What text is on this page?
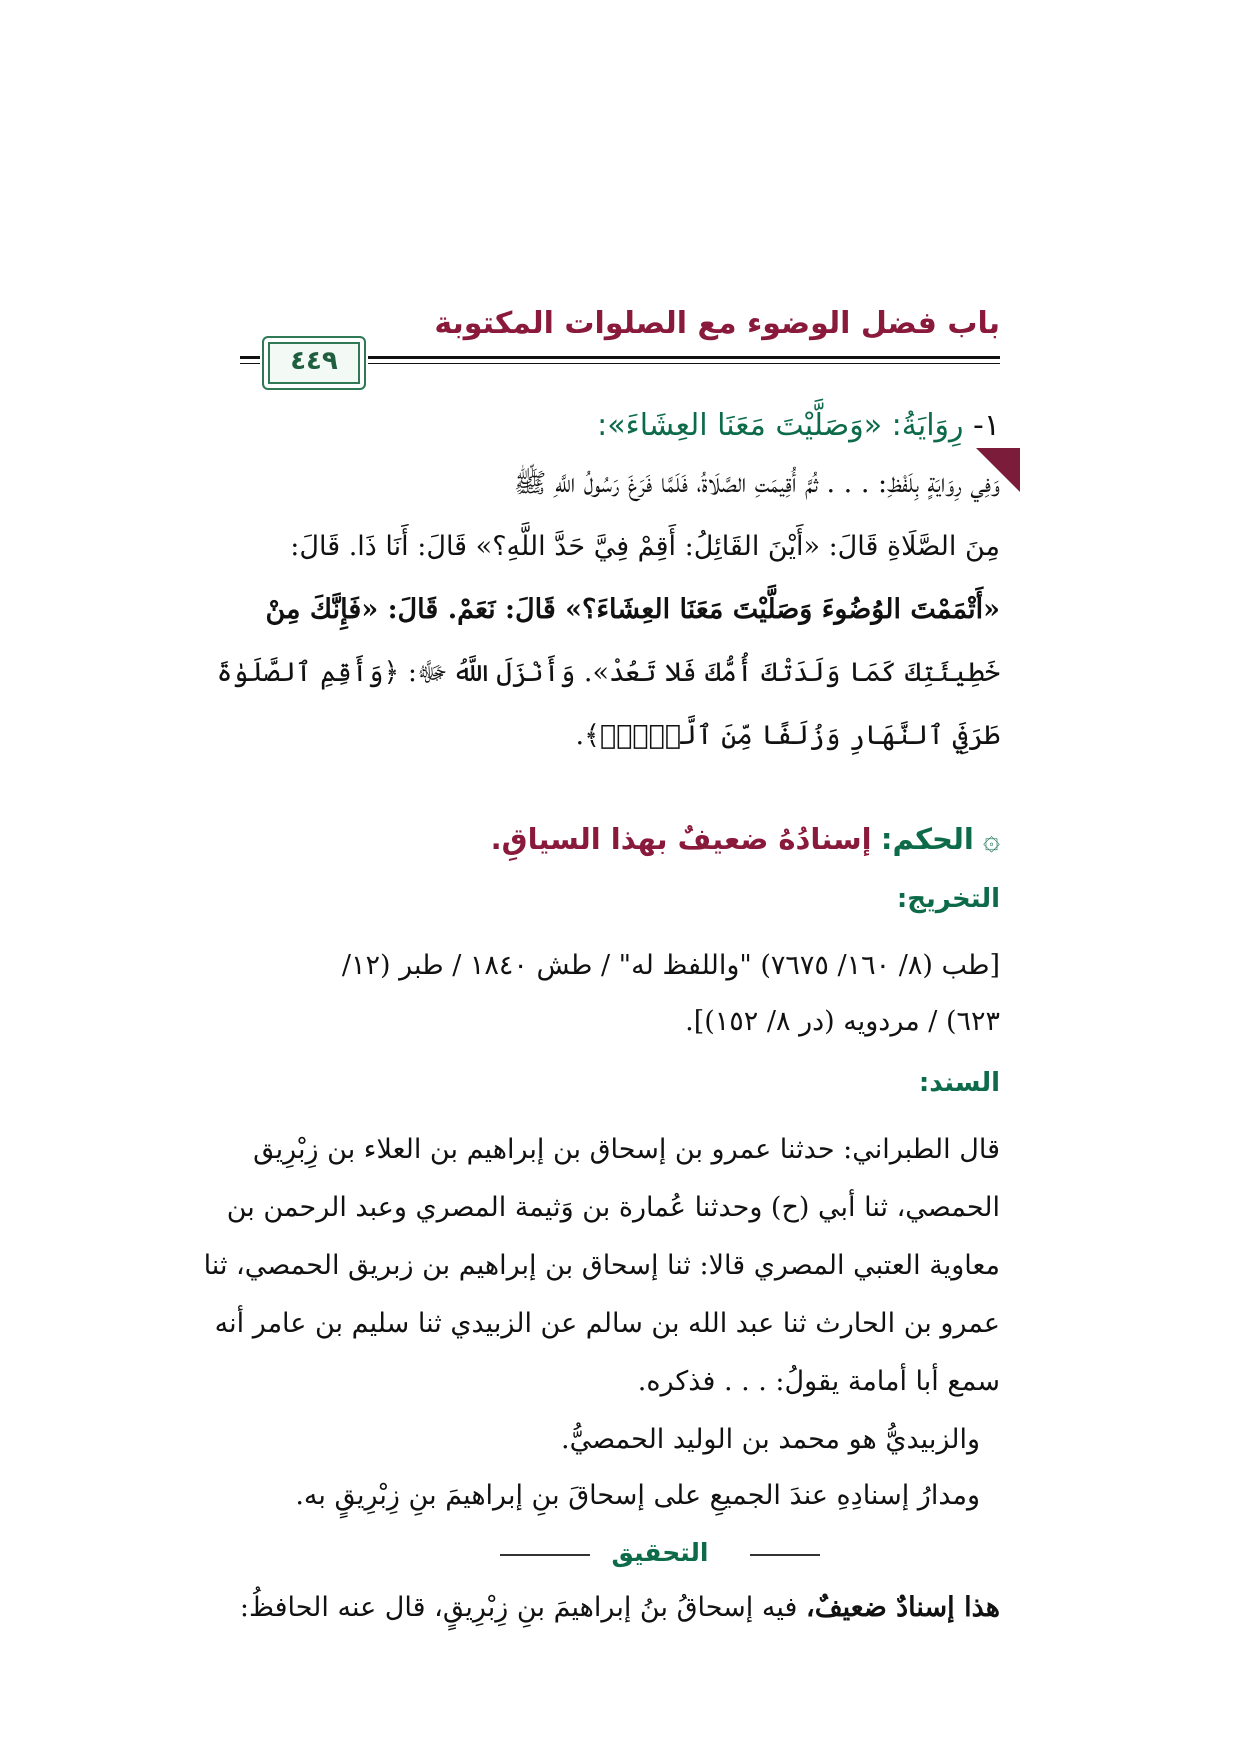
باب فضل الوضوء مع الصلوات المكتوبة
٤٤٩
١- رِوَايَةُ: «وَصَلَّيْتَ مَعَنَا العِشَاءَ»:
وَفِي رِوَايَةٍ بِلَفْظِ: . . . ثُمَّ أُقِيمَتِ الصَّلَاةُ، فَلَمَّا فَرَغَ رَسُولُ اللَّهِ ﷺ
مِنَ الصَّلَاةِ قَالَ: «أَيْنَ القَائِلُ: أَقِمْ فِيَّ حَدَّ اللَّهِ؟» قَالَ: أَنَا ذَا. قَالَ:
«أَتْمَمْتَ الوُضُوءَ وَصَلَّيْتَ مَعَنَا العِشَاءَ؟» قَالَ: نَعَمْ. قَالَ: «فَإِنَّكَ مِنْ
خَطِيئَتِكَ كَمَا وَلَدَتْكَ أُمُّكَ فَلا تَعُدْ». وَأَنْزَلَ اللَّهُ ﷻ: ﴿وَأَقِمِ ٱلصَّلَوٰةَ
طَرَفَيِ ٱلنَّهَارِ وَزُلَفًا مِّنَ ٱلَّيۡلِۚ﴾.
۞ الحكم: إسنادُهُ ضعيفٌ بهذا السياقِ.
التخريج:
[طب (٨/ ١٦٠/ ٧٦٧٥) "واللفظ له" / طش ١٨٤٠ / طبر (١٢/
٦٢٣) / مردويه (در ٨/ ١٥٢)].
السند:
قال الطبراني: حدثنا عمرو بن إسحاق بن إبراهيم بن العلاء بن زِبْرِيق
الحمصي، ثنا أبي (ح) وحدثنا عُمارة بن وَثيمة المصري وعبد الرحمن بن
معاوية العتبي المصري قالا: ثنا إسحاق بن إبراهيم بن زبريق الحمصي، ثنا
عمرو بن الحارث ثنا عبد الله بن سالم عن الزبيدي ثنا سليم بن عامر أنه
سمع أبا أمامة يقولُ: . . . فذكره.
والزبيديُّ هو محمد بن الوليد الحمصيُّ.
ومدارُ إسنادِهِ عندَ الجميعِ على إسحاقَ بنِ إبراهيمَ بنِ زِبْرِيقٍ به.
التحقيق
هذا إسنادٌ ضعيفٌ، فيه إسحاقُ بنُ إبراهيمَ بنِ زِبْرِيقٍ، قال عنه الحافظُ:
